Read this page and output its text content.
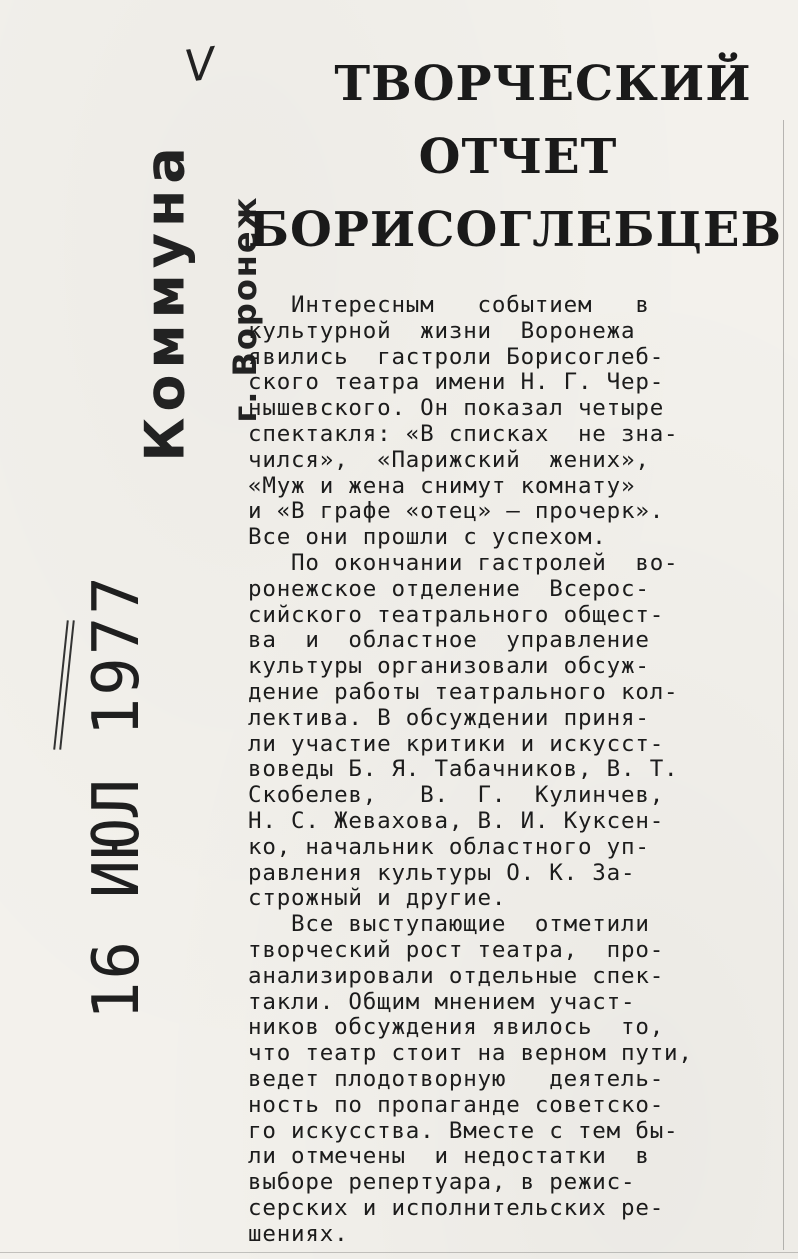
V
Коммуна г. Воронеж
16 ИЮЛ 1977
ТВОРЧЕСКИЙ
ОТЧЕТ
БОРИСОГЛЕБЦЕВ

Интересным   событием   в

культурной  жизни  Воронежа

явились  гастроли Борисоглеб-

ского театра имени Н. Г. Чер-

нышевского. Он показал четыре

спектакля: «В списках  не зна-

чился»,  «Парижский  жених»,

«Муж и жена снимут комнату»

и «В графе «отец» — прочерк».

Все они прошли с успехом.

По окончании гастролей  во-

ронежское отделение  Всерос-

сийского театрального общест-

ва  и  областное  управление

культуры организовали обсуж-

дение работы театрального кол-

лектива. В обсуждении приня-

ли участие критики и искусст-

воведы Б. Я. Табачников, В. Т.

Скобелев,   В.  Г.  Кулинчев,

Н. С. Жевахова, В. И. Куксен-

ко, начальник областного уп-

равления культуры О. К. За-

строжный и другие.

Все выступающие  отметили

творческий рост театра,  про-

анализировали отдельные спек-

такли. Общим мнением участ-

ников обсуждения явилось  то,

что театр стоит на верном пути,

ведет плодотворную   деятель-

ность по пропаганде советско-

го искусства. Вместе с тем бы-

ли отмечены  и недостатки  в

выборе репертуара, в режис-

серских и исполнительских ре-

шениях.
